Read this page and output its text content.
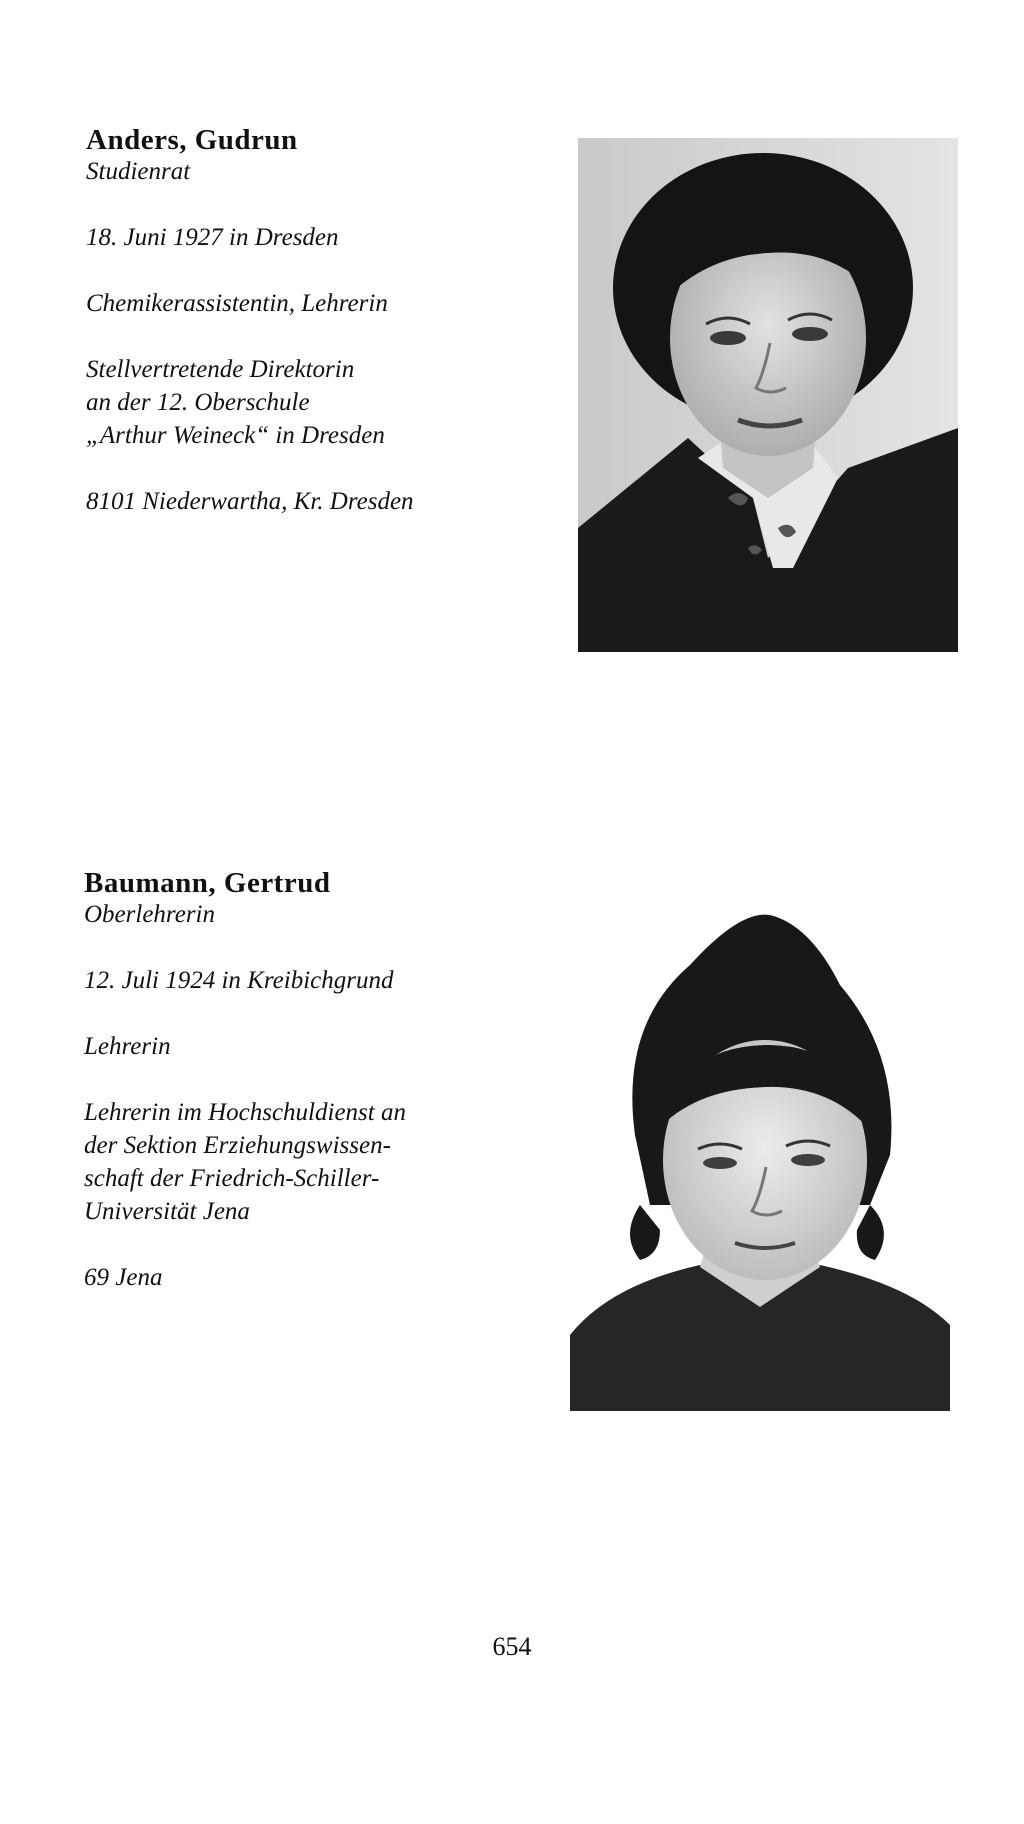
Anders, Gudrun
Studienrat
18. Juni 1927 in Dresden
Chemikerassistentin, Lehrerin
Stellvertretende Direktorin
an der 12. Oberschule
„Arthur Weineck“ in Dresden
8101 Niederwartha, Kr. Dresden
Baumann, Gertrud
Oberlehrerin
12. Juli 1924 in Kreibichgrund
Lehrerin
Lehrerin im Hochschuldienst an
der Sektion Erziehungswissen-
schaft der Friedrich-Schiller-
Universität Jena
69 Jena
654
